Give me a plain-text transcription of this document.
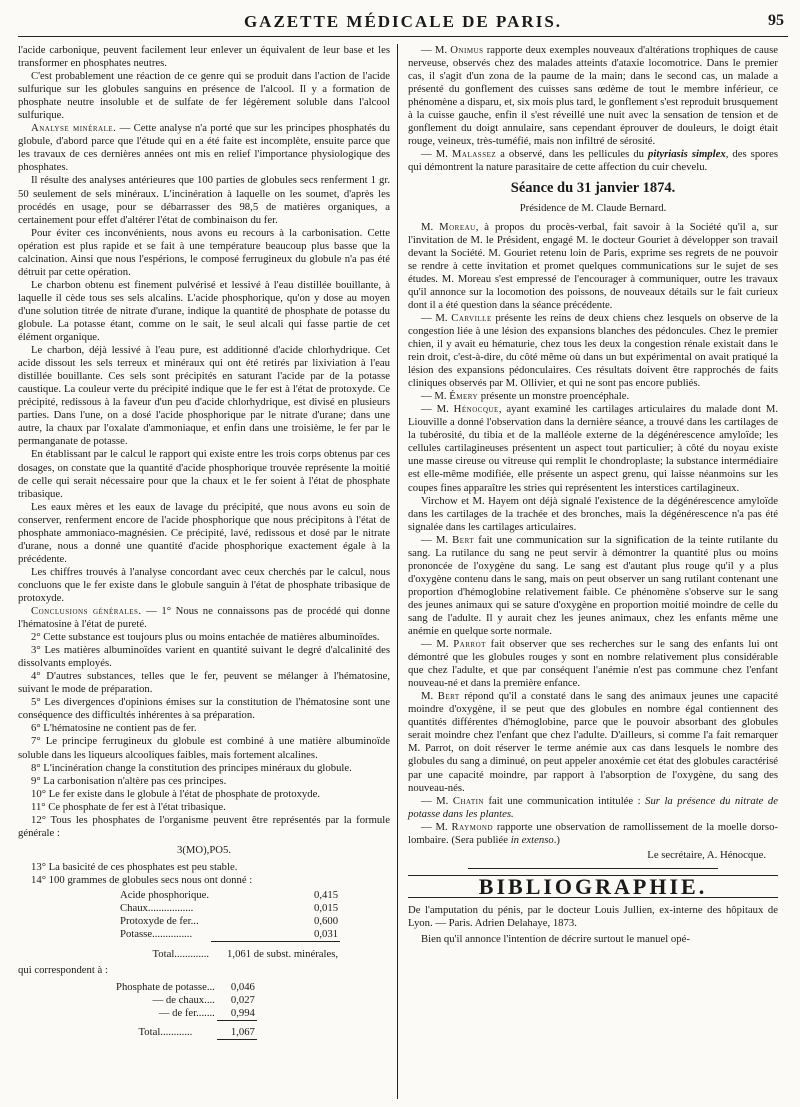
GAZETTE MÉDICALE DE PARIS.	95

l'acide carbonique, peuvent facilement leur enlever un équivalent de leur base et les transformer en phosphates neutres.

C'est probablement une réaction de ce genre qui se produit dans l'action de l'acide sulfurique sur les globules sanguins en présence de l'alcool. Il y a formation de phosphate neutre insoluble et de sulfate de fer légèrement soluble dans l'alcool sulfurique.

Analyse minérale. — Cette analyse n'a porté que sur les principes phosphatés du globule, d'abord parce que l'étude qui en a été faite est incomplète, ensuite parce que les travaux de ces dernières années ont mis en relief l'importance physiologique des phosphates.

Il résulte des analyses antérieures que 100 parties de globules secs renferment 1 gr. 50 seulement de sels minéraux. L'incinération à laquelle on les soumet, d'après les procédés en usage, pour se débarrasser des 98,5 de matières organiques, a certainement pour effet d'altérer l'état de combinaison du fer.

Pour éviter ces inconvénients, nous avons eu recours à la carbonisation. Cette opération est plus rapide et se fait à une température beaucoup plus basse que la calcination. Ainsi que nous l'espérions, le composé ferrugineux du globule n'a pas été détruit par cette opération.

Le charbon obtenu est finement pulvérisé et lessivé à l'eau distillée bouillante, à laquelle il cède tous ses sels alcalins. L'acide phosphorique, qu'on y dose au moyen d'une solution titrée de nitrate d'urane, indique la quantité de phosphate de potasse du globule. La potasse étant, comme on le sait, le seul alcali qui fasse partie de cet élément organique.

Le charbon, déjà lessivé à l'eau pure, est additionné d'acide chlorhydrique. Cet acide dissout les sels terreux et minéraux qui ont été retirés par lixiviation à l'eau distillée bouillante. Ces sels sont précipités en saturant l'acide par de la potasse caustique. La couleur verte du précipité indique que le fer est à l'état de protoxyde. Ce précipité, redissous à la faveur d'un peu d'acide chlorhydrique, est divisé en plusieurs parties. Dans l'une, on a dosé l'acide phosphorique par le nitrate d'urane; dans une autre, la chaux par l'oxalate d'ammoniaque, et enfin dans une troisième, le fer par le permanganate de potasse.

En établissant par le calcul le rapport qui existe entre les trois corps obtenus par ces dosages, on constate que la quantité d'acide phosphorique trouvée représente la moitié de celle qui serait nécessaire pour que la chaux et le fer soient à l'état de phosphate tribasique.

Les eaux mères et les eaux de lavage du précipité, que nous avons eu soin de conserver, renferment encore de l'acide phosphorique que nous précipitons à l'état de phosphate ammoniaco-magnésien. Ce précipité, lavé, redissous et dosé par le nitrate d'urane, nous a donné une quantité d'acide phosphorique exactement égale à la précédente.

Les chiffres trouvés à l'analyse concordant avec ceux cherchés par le calcul, nous concluons que le fer existe dans le globule sanguin à l'état de phosphate tribasique de protoxyde.

Conclusions générales. — 1° Nous ne connaissons pas de procédé qui donne l'hématosine à l'état de pureté.

2° Cette substance est toujours plus ou moins entachée de matières albuminoïdes.

3° Les matières albuminoïdes varient en quantité suivant le degré d'alcalinité des dissolvants employés.

4° D'autres substances, telles que le fer, peuvent se mélanger à l'hématosine, suivant le mode de préparation.

5° Les divergences d'opinions émises sur la constitution de l'hématosine sont une conséquence des difficultés inhérentes à sa préparation.

6° L'hématosine ne contient pas de fer.

7° Le principe ferrugineux du globule est combiné à une matière albuminoïde soluble dans les liqueurs alcooliques faibles, mais fortement alcalines.

8° L'incinération change la constitution des principes minéraux du globule.

9° La carbonisation n'altère pas ces principes.

10° Le fer existe dans le globule à l'état de phosphate de protoxyde.

11° Ce phosphate de fer est à l'état tribasique.

12° Tous les phosphates de l'organisme peuvent être représentés par la formule générale :

3(MO),PO5.

13° La basicité de ces phosphates est peu stable.

14° 100 grammes de globules secs nous ont donné :

Acide phosphorique.	0,415
Chaux.................	0,015
Protoxyde de fer...	0,600
Potasse...............	0,031
Total.............	1,061 de subst. minérales,

qui correspondent à :

Phosphate de potasse...	0,046
— de chaux....	0,027
— de fer.......	0,994
Total............	1,067

— M. Onimus rapporte deux exemples nouveaux d'altérations trophiques de cause nerveuse, observés chez des malades atteints d'ataxie locomotrice. Dans le premier cas, il s'agit d'un zona de la paume de la main; dans le second cas, un malade a présenté du gonflement des cuisses sans œdème de tout le membre inférieur, ce phénomène a disparu, et, six mois plus tard, le gonflement s'est reproduit brusquement à la cuisse gauche, enfin il s'est réveillé une nuit avec la sensation de tension et de gonflement du doigt annulaire, sans cependant éprouver de douleurs, le doigt était rouge, veineux, très-tuméfié, mais non infiltré de sérosité.

— M. Malassez a observé, dans les pellicules du pityriasis simplex, des spores qui démontrent la nature parasitaire de cette affection du cuir chevelu.

Séance du 31 janvier 1874.
Présidence de M. Claude Bernard.

M. Moreau, à propos du procès-verbal, fait savoir à la Société qu'il a, sur l'invitation de M. le Président, engagé M. le docteur Gouriet à développer son travail devant la Société. M. Gouriet retenu loin de Paris, exprime ses regrets de ne pouvoir se rendre à cette invitation et promet quelques communications sur le sujet de ses études. M. Moreau s'est empressé de l'encourager à communiquer, outre les travaux qu'il annonce sur la locomotion des poissons, de nouveaux détails sur le fait curieux dont il a été question dans la séance précédente.

— M. Carville présente les reins de deux chiens chez lesquels on observe de la congestion liée à une lésion des expansions blanches des pédoncules. Chez le premier chien, il y avait eu hématurie, chez tous les deux la congestion rénale existait dans le rein droit, c'est-à-dire, du côté même où dans un but expérimental on avait pratiqué la lésion des expansions pédonculaires. Ces résultats doivent être rapprochés de faits cliniques observés par M. Ollivier, et qui ne sont pas encore publiés.

— M. Émery présente un monstre proencéphale.

— M. Hénocque, ayant examiné les cartilages articulaires du malade dont M. Liouville a donné l'observation dans la dernière séance, a trouvé dans les cartilages de la tubérosité, du tibia et de la malléole externe de la dégénérescence amyloïde; les cellules cartilagineuses présentent un aspect tout particulier; à côté du noyau existe une masse cireuse ou vitreuse qui remplit le chondroplaste; la substance intermédiaire est elle-même modifiée, elle présente un aspect grenu, qui laisse néanmoins sur les coupes fines apparaître les stries qui représentent les interstices cartilagineux.

Virchow et M. Hayem ont déjà signalé l'existence de la dégénérescence amyloïde dans les cartilages de la trachée et des bronches, mais la dégénérescence n'a pas été signalée dans les cartilages articulaires.

— M. Bert fait une communication sur la signification de la teinte rutilante du sang. La rutilance du sang ne peut servir à démontrer la quantité plus ou moins prononcée de l'oxygène du sang. Le sang est d'autant plus rouge qu'il y a plus d'oxygène contenu dans le sang, mais on peut observer un sang rutilant contenant une proportion d'hémoglobine relativement faible. Ce phénomène s'observe sur le sang des jeunes animaux qui se sature d'oxygène en proportion moitié moindre de celle du sang de l'adulte. Il y aurait chez les jeunes animaux, chez les enfants même une anémie en quelque sorte normale.

— M. Parrot fait observer que ses recherches sur le sang des enfants lui ont démontré que les globules rouges y sont en nombre relativement plus considérable que chez l'adulte, et que par conséquent l'anémie n'est pas commune chez l'enfant nouveau-né et dans la première enfance.

M. Bert répond qu'il a constaté dans le sang des animaux jeunes une capacité moindre d'oxygène, il se peut que des globules en nombre égal contiennent des quantités différentes d'hémoglobine, parce que le pouvoir absorbant des globules serait moindre chez l'enfant que chez l'adulte. D'ailleurs, si comme l'a fait remarquer M. Parrot, on doit réserver le terme anémie aux cas dans lesquels le nombre des globules du sang a diminué, on peut appeler anoxémie cet état des globules caractérisé par une capacité moindre, par rapport à l'absorption de l'oxygène, du sang des nouveau-nés.

— M. Chatin fait une communication intitulée : Sur la présence du nitrate de potasse dans les plantes.

— M. Raymond rapporte une observation de ramollissement de la moelle dorso-lombaire. (Sera publiée in extenso.)

Le secrétaire, A. Hénocque.
BIBLIOGRAPHIE.

De l'amputation du pénis, par le docteur Louis Jullien, ex-interne des hôpitaux de Lyon. — Paris. Adrien Delahaye, 1873.

Bien qu'il annonce l'intention de décrire surtout le manuel opé-
